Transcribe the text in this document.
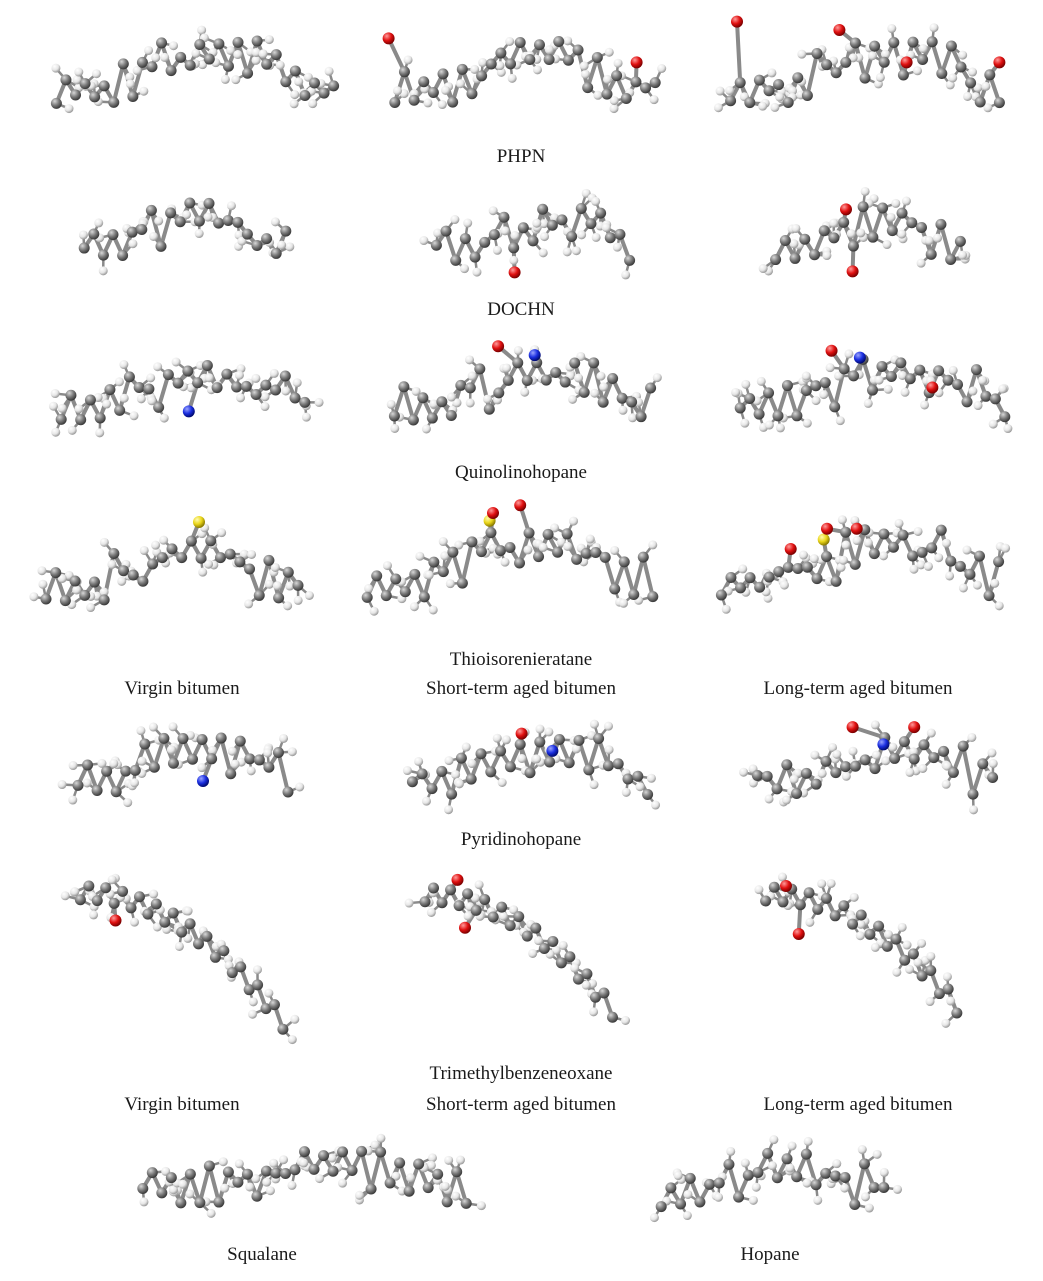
PHPN
DOCHN
Quinolinohopane
Thioisorenieratane
Virgin bitumen	Short-term aged bitumen	Long-term aged bitumen
Pyridinohopane
Trimethylbenzeneoxane
Virgin bitumen	Short-term aged bitumen	Long-term aged bitumen
Squalane	Hopane
